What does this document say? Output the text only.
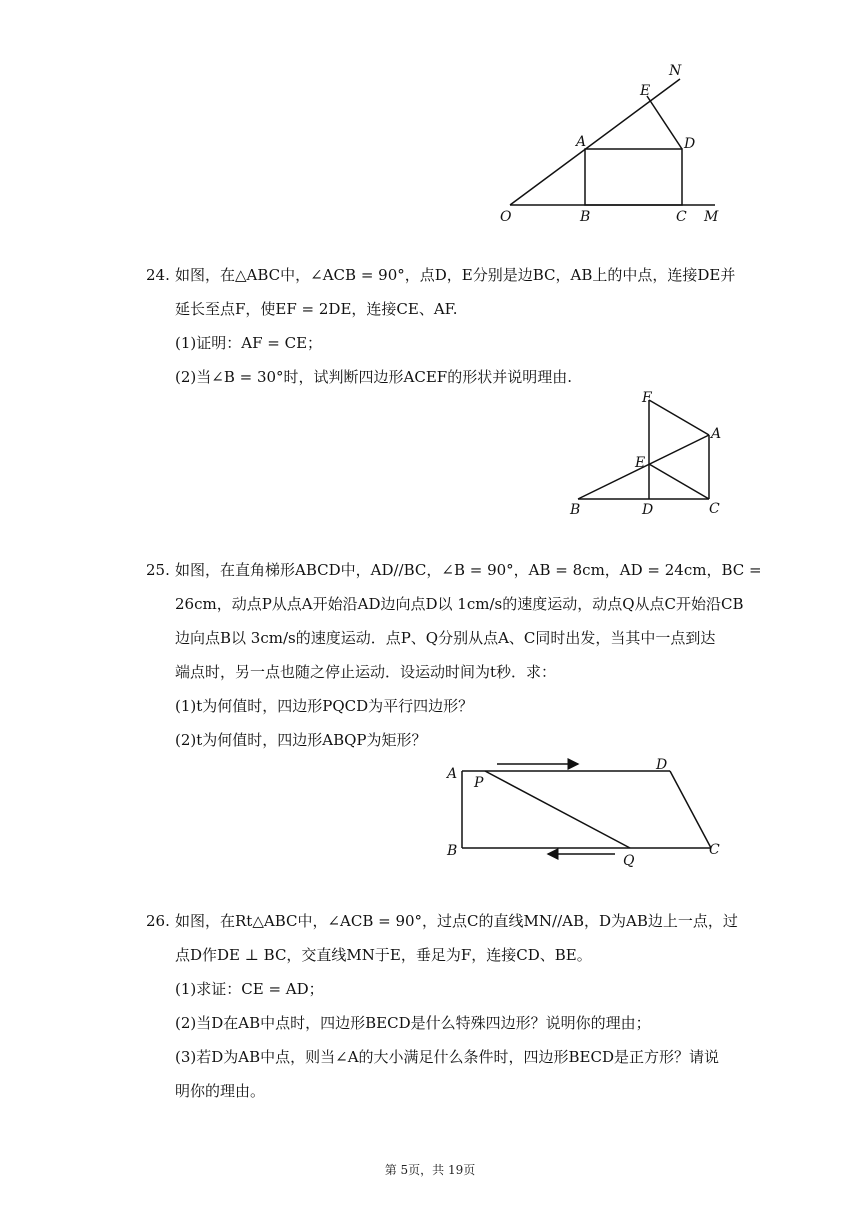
N
E
A	D
O	B	C M
24. 如图，在△ABC中，∠ACB = 90°，点D，E分别是边BC，AB上的中点，连接DE并
延长至点F，使EF = 2DE，连接CE、AF.
(1)证明：AF = CE；
(2)当∠B = 30°时，试判断四边形ACEF的形状并说明理由.
F
A
E
B	D	C
25. 如图，在直角梯形ABCD中，AD//BC，∠B = 90°，AB = 8cm，AD = 24cm，BC =
26cm，动点P从点A开始沿AD边向点D以 1cm/s的速度运动，动点Q从点C开始沿CB
边向点B以 3cm/s的速度运动．点P、Q分别从点A、C同时出发，当其中一点到达
端点时，另一点也随之停止运动．设运动时间为t秒．求：
(1)t为何值时，四边形PQCD为平行四边形？
(2)t为何值时，四边形ABQP为矩形？
A
P
D
B
Q
C
26. 如图，在Rt△ABC中，∠ACB = 90°，过点C的直线MN//AB，D为AB边上一点，过
点D作DE ⊥ BC，交直线MN于E，垂足为F，连接CD、BE。
(1)求证：CE = AD；
(2)当D在AB中点时，四边形BECD是什么特殊四边形？说明你的理由；
(3)若D为AB中点，则当∠A的大小满足什么条件时，四边形BECD是正方形？请说
明你的理由。
第 5页，共 19页
